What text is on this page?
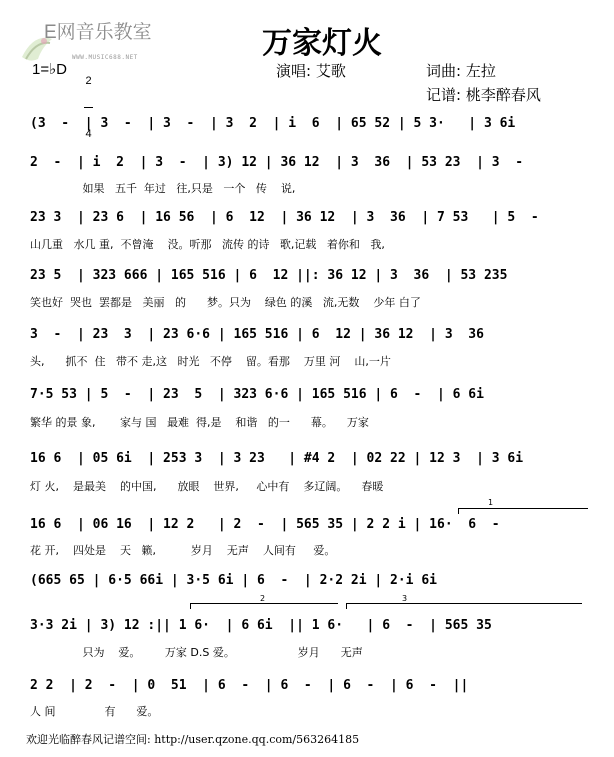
E网音乐教室
WWW.MUSIC688.NET	万家灯火
1=♭D

2

4

演唱: 艾歌	词曲: 左拉
记谱: 桃李醉春风
(3  -  | 3  -  | 3  -  | 3  2  | i  6  | 65 52 | 5 3·   | 3 6i
2  -  | i  2  | 3  -  | 3) 12 | 36 12  | 3  36  | 53 23  | 3  -
如果   五千  年过   往,只是   一个   传    说,
23 3  | 23 6  | 16 56  | 6  12  | 36 12  | 3  36  | 7 53   | 5  -
山几重   水几 重,  不曾淹    没。听那   流传 的诗   歌,记载   着你和   我,
23 5  | 323 666 | 165 516 | 6  12 ||: 36 12 | 3  36  | 53 235
笑也好  哭也  罢都是   美丽   的      梦。只为    绿色 的溪   流,无数    少年 白了
3  -  | 23  3  | 23 6·6 | 165 516 | 6  12 | 36 12  | 3  36
头,      抓不  住   带不 走,这   时光   不停    留。看那    万里 河    山,一片
7·5 53 | 5  -  | 23  5  | 323 6·6 | 165 516 | 6  -  | 6 6i
繁华 的景 象,       家与 国   最难  得,是    和谐   的一      幕。    万家
16 6  | 05 6i  | 253 3  | 3 23   | #4 2  | 02 22 | 12 3  | 3 6i
灯 火,    是最美    的中国,      放眼    世界,     心中有    多辽阔。    春暖
1
16 6  | 06 16  | 12 2   | 2  -  | 565 35 | 2 2 i | 16·  6  -
花 开,    四处是    天   籁,          岁月    无声    人间有     爱。
(665 65 | 6·5 66i | 3·5 6i | 6  -  | 2·2 2i | 2·i 6i
2	3
3·3 2i | 3) 12 :|| 1 6·  | 6 6i  || 1 6·   | 6  -  | 565 35
只为    爱。       万家 D.S 爱。                  岁月      无声
2 2  | 2  -  | 0  51  | 6  -  | 6  -  | 6  -  | 6  -  ||
人 间              有      爱。
欢迎光临醉春风记谱空间: http://user.qzone.qq.com/563264185
